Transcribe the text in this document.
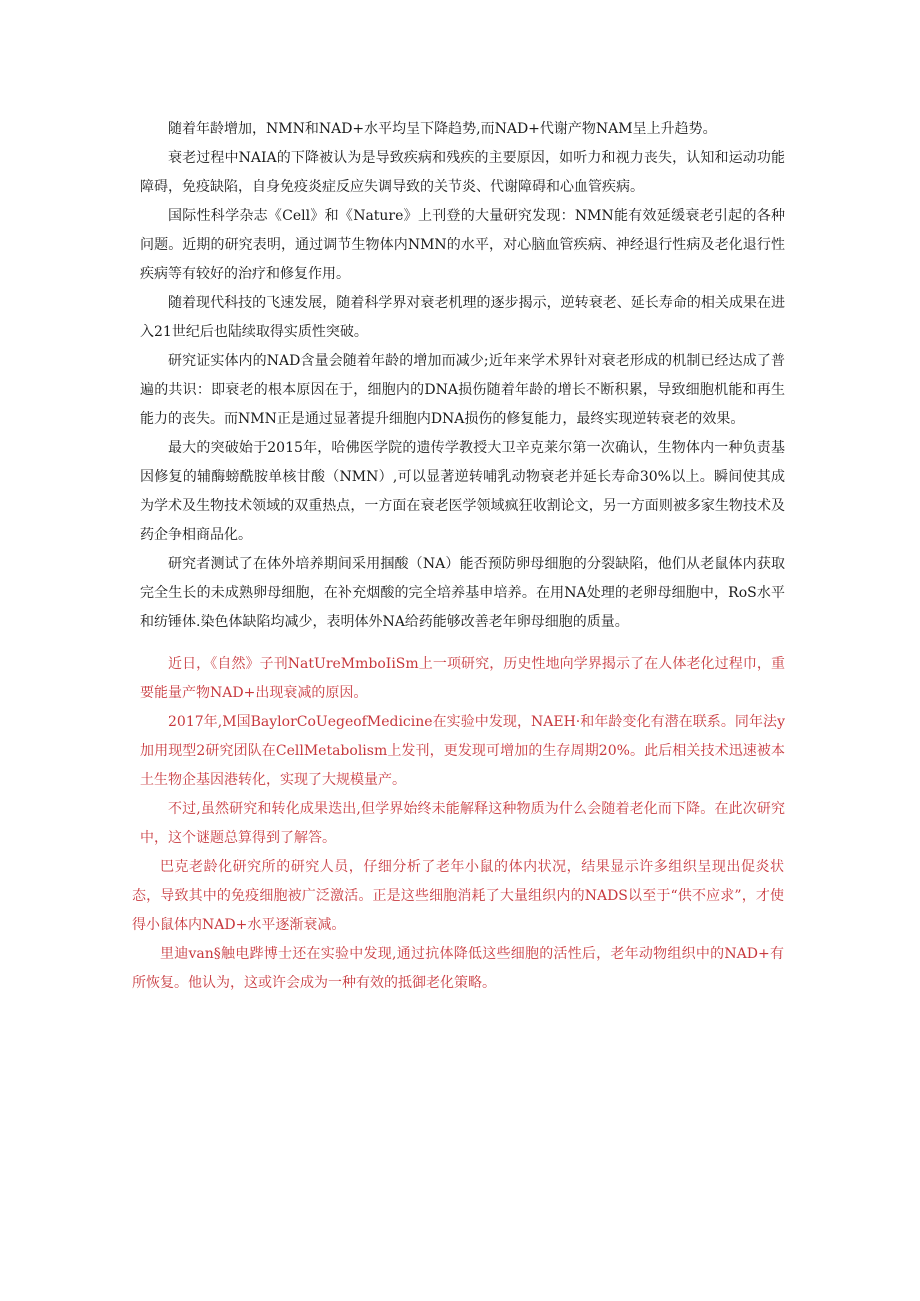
随着年龄增加，NMN和NAD+水平均呈下降趋势,而NAD+代谢产物NAM呈上升趋势。

衰老过程中NAIA的下降被认为是导致疾病和残疾的主要原因，如听力和视力丧失，认知和运动功能障碍，免疫缺陷，自身免疫炎症反应失调导致的关节炎、代谢障碍和心血管疾病。

国际性科学杂志《Cell》和《Nature》上刊登的大量研究发现：NMN能有效延缓衰老引起的各种问题。近期的研究表明，通过调节生物体内NMN的水平，对心脑血管疾病、神经退行性病及老化退行性疾病等有较好的治疗和修复作用。

随着现代科技的飞速发展，随着科学界对衰老机理的逐步揭示，逆转衰老、延长寿命的相关成果在进入21世纪后也陆续取得实质性突破。

研究证实体内的NAD含量会随着年龄的增加而减少;近年来学术界针对衰老形成的机制已经达成了普遍的共识：即衰老的根本原因在于，细胞内的DNA损伤随着年龄的增长不断积累，导致细胞机能和再生能力的丧失。而NMN正是通过显著提升细胞内DNA损伤的修复能力，最终实现逆转衰老的效果。

最大的突破始于2015年，哈佛医学院的遗传学教授大卫辛克莱尔第一次确认，生物体内一种负责基因修复的辅酶螃酰胺单核甘酸（NMN）,可以显著逆转哺乳动物衰老并延长寿命30%以上。瞬间使其成为学术及生物技术领域的双重热点，一方面在衰老医学领域疯狂收割论文，另一方面则被多家生物技术及药企争相商品化。

研究者测试了在体外培养期间采用掴酸（NA）能否预防卵母细胞的分裂缺陷，他们从老鼠体内获取完全生长的未成熟卵母细胞，在补充烟酸的完全培养基申培养。在用NA处理的老卵母细胞中，RoS水平和纺锤体.染色体缺陷均减少，表明体外NA给药能够改善老年卵母细胞的质量。

近日，《自然》子刊NatUreMmboIiSm上一项研究，历史性地向学界揭示了在人体老化过程巾，重要能量产物NAD+出现衰减的原因。

2017年,M国BaylorCoUegeofMedicine在实验中发现，NAEH·和年龄变化有潜在联系。同年法y加用现型2研究团队在CellMetabolism上发刊，更发现可增加的生存周期20%。此后相关技术迅速被本土生物企基因港转化，实现了大规模量产。

不过,虽然研究和转化成果迭出,但学界始终未能解释这种物质为什么会随着老化而下降。在此次研究中，这个谜题总算得到了解答。

巴克老龄化研究所的研究人员，仔细分析了老年小鼠的体内状况，结果显示许多组织呈现出促炎状态，导致其中的免疫细胞被广泛激活。正是这些细胞消耗了大量组织内的NADS以至于“供不应求”，才使得小鼠体内NAD+水平逐渐衰减。

里迪van§触电跸博士还在实验中发现,通过抗体降低这些细胞的活性后，老年动物组织中的NAD+有所恢复。他认为，这或许会成为一种有效的抵御老化策略。
